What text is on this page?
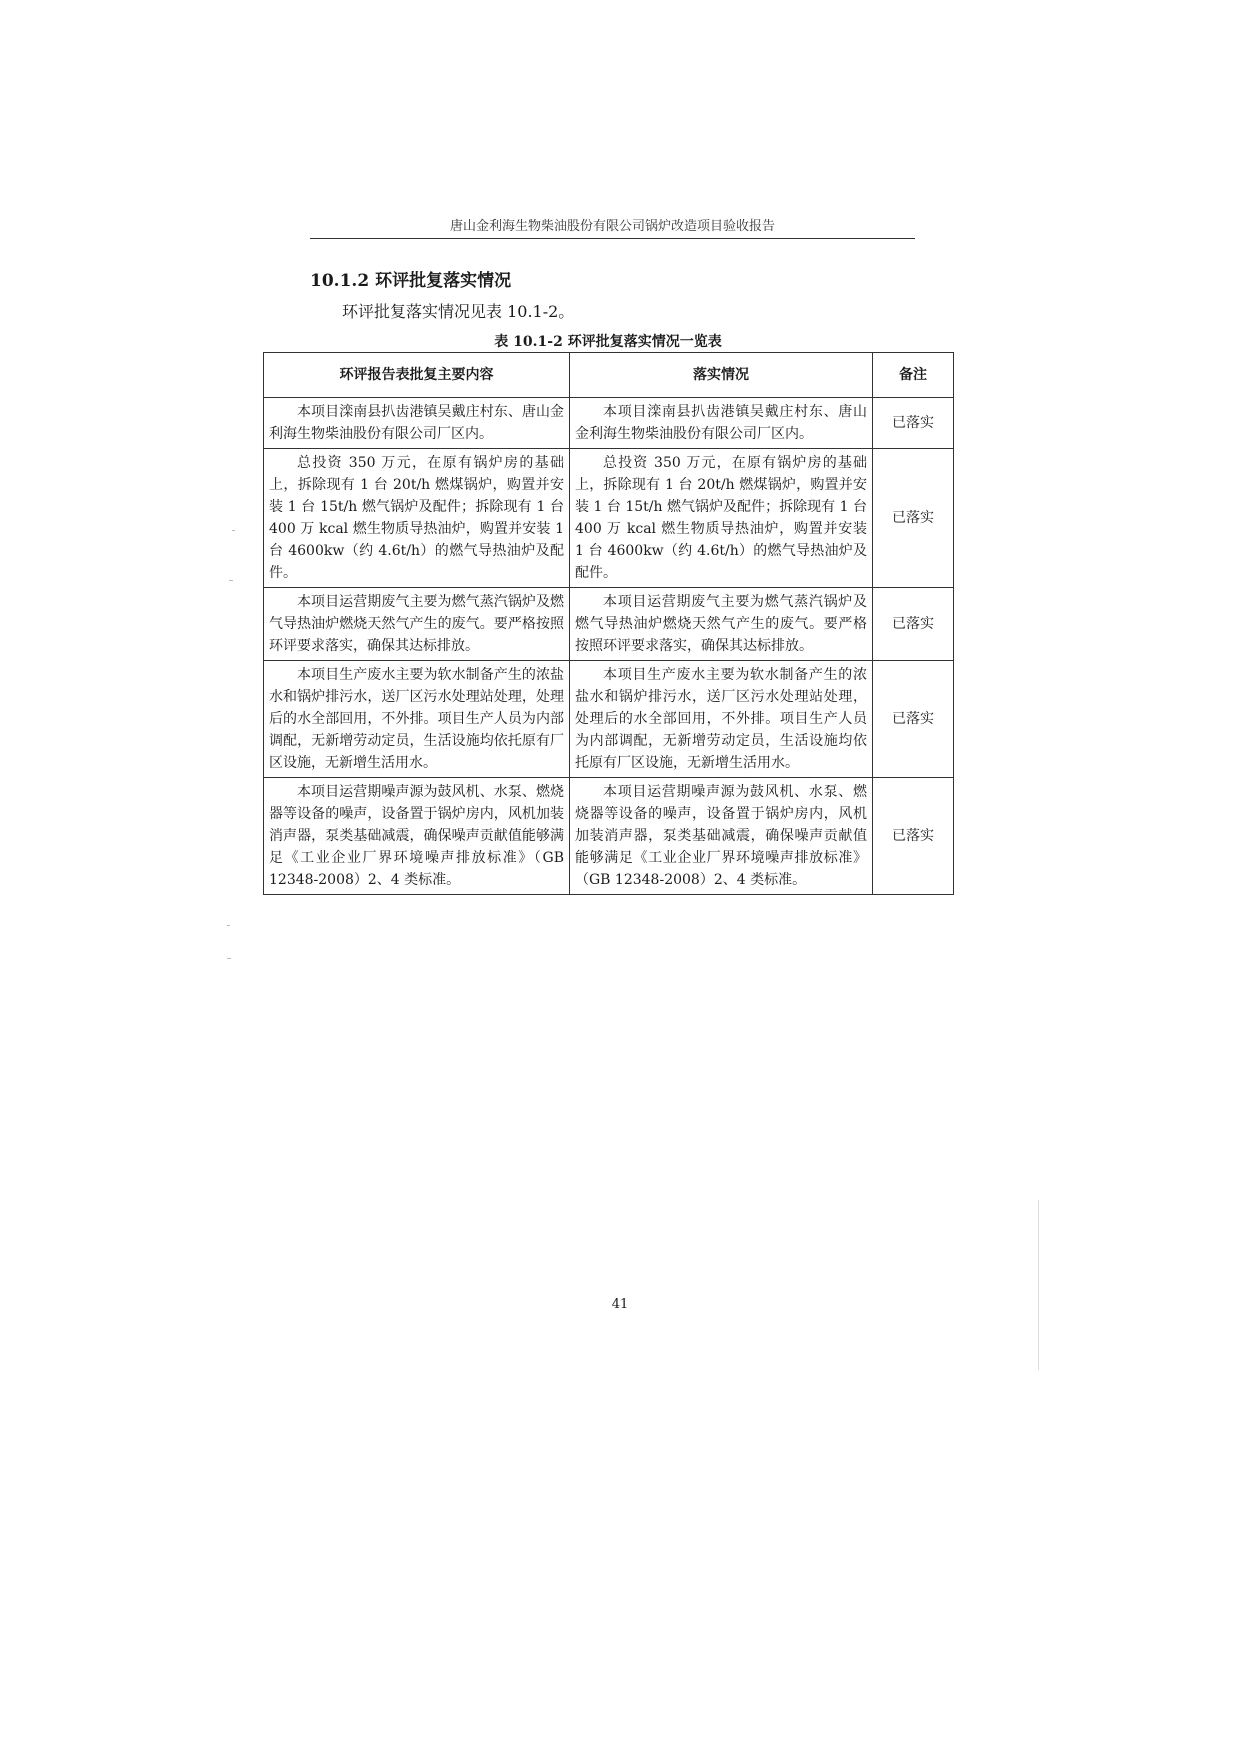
唐山金利海生物柴油股份有限公司锅炉改造项目验收报告
10.1.2 环评批复落实情况
环评批复落实情况见表 10.1-2。
表 10.1-2 环评批复落实情况一览表
环评报告表批复主要内容	落实情况	备注
本项目滦南县扒齿港镇吴戴庄村东、唐山金利海生物柴油股份有限公司厂区内。	本项目滦南县扒齿港镇吴戴庄村东、唐山金利海生物柴油股份有限公司厂区内。	已落实
总投资 350 万元，在原有锅炉房的基础上，拆除现有 1 台 20t/h 燃煤锅炉，购置并安装 1 台 15t/h 燃气锅炉及配件；拆除现有 1 台 400 万 kcal 燃生物质导热油炉，购置并安装 1 台 4600kw（约 4.6t/h）的燃气导热油炉及配件。	总投资 350 万元，在原有锅炉房的基础上，拆除现有 1 台 20t/h 燃煤锅炉，购置并安装 1 台 15t/h 燃气锅炉及配件；拆除现有 1 台 400 万 kcal 燃生物质导热油炉，购置并安装 1 台 4600kw（约 4.6t/h）的燃气导热油炉及配件。	已落实
本项目运营期废气主要为燃气蒸汽锅炉及燃气导热油炉燃烧天然气产生的废气。要严格按照环评要求落实，确保其达标排放。	本项目运营期废气主要为燃气蒸汽锅炉及燃气导热油炉燃烧天然气产生的废气。要严格按照环评要求落实，确保其达标排放。	已落实
本项目生产废水主要为软水制备产生的浓盐水和锅炉排污水，送厂区污水处理站处理，处理后的水全部回用，不外排。项目生产人员为内部调配，无新增劳动定员，生活设施均依托原有厂区设施，无新增生活用水。	本项目生产废水主要为软水制备产生的浓盐水和锅炉排污水，送厂区污水处理站处理，处理后的水全部回用，不外排。项目生产人员为内部调配，无新增劳动定员，生活设施均依托原有厂区设施，无新增生活用水。	已落实
本项目运营期噪声源为鼓风机、水泵、燃烧器等设备的噪声，设备置于锅炉房内，风机加装消声器，泵类基础减震，确保噪声贡献值能够满足《工业企业厂界环境噪声排放标准》（GB 12348-2008）2、4 类标准。	本项目运营期噪声源为鼓风机、水泵、燃烧器等设备的噪声，设备置于锅炉房内，风机加装消声器，泵类基础减震，确保噪声贡献值能够满足《工业企业厂界环境噪声排放标准》（GB 12348-2008）2、4 类标准。	已落实
41
